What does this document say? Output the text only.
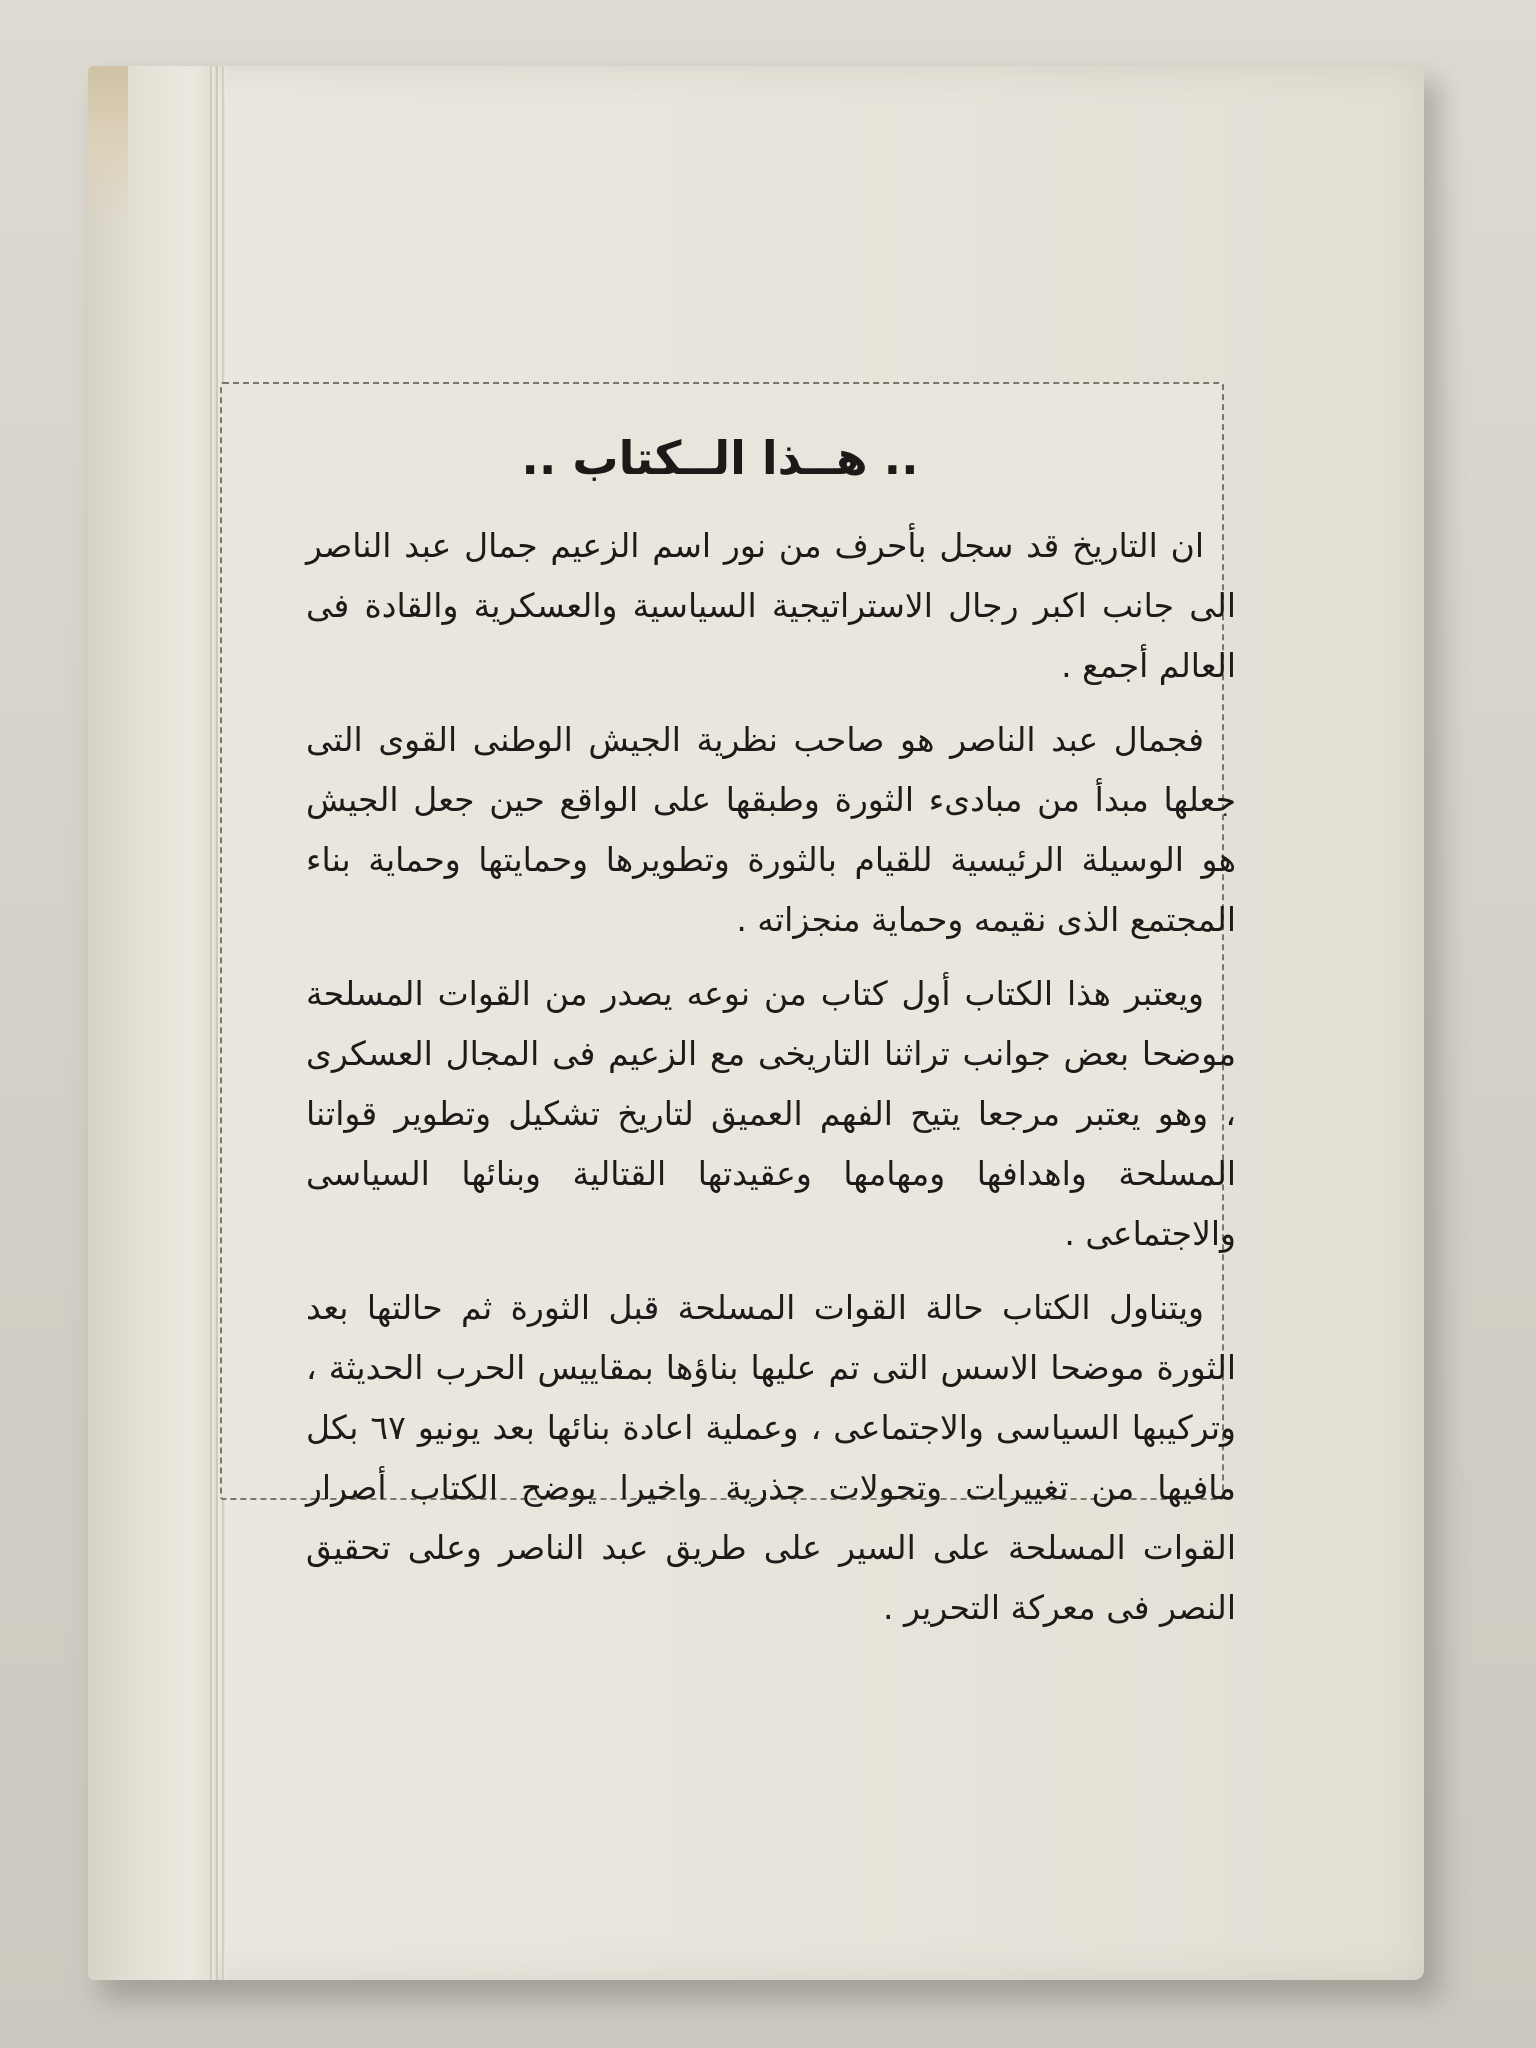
.. هــذا الــكتاب ..

ان التاريخ قد سجل بأحرف من نور اسم الزعيم جمال عبد الناصر الى جانب اكبر رجال الاستراتيجية السياسية والعسكرية والقادة فى العالم أجمع .

فجمال عبد الناصر هو صاحب نظرية الجيش الوطنى القوى التى جعلها مبدأ من مبادىء الثورة وطبقها على الواقع حين جعل الجيش هو الوسيلة الرئيسية للقيام بالثورة وتطويرها وحمايتها وحماية بناء المجتمع الذى نقيمه وحماية منجزاته .

ويعتبر هذا الكتاب أول كتاب من نوعه يصدر من القوات المسلحة موضحا بعض جوانب تراثنا التاريخى مع الزعيم فى المجال العسكرى ، وهو يعتبر مرجعا يتيح الفهم العميق لتاريخ تشكيل وتطوير قواتنا المسلحة واهدافها ومهامها وعقيدتها القتالية وبنائها السياسى والاجتماعى .

ويتناول الكتاب حالة القوات المسلحة قبل الثورة ثم حالتها بعد الثورة موضحا الاسس التى تم عليها بناؤها بمقاييس الحرب الحديثة ، وتركيبها السياسى والاجتماعى ، وعملية اعادة بنائها بعد يونيو ٦٧ بكل مافيها من تغييرات وتحولات جذرية واخيرا يوضح الكتاب أصرار القوات المسلحة على السير على طريق عبد الناصر وعلى تحقيق النصر فى معركة التحرير .
